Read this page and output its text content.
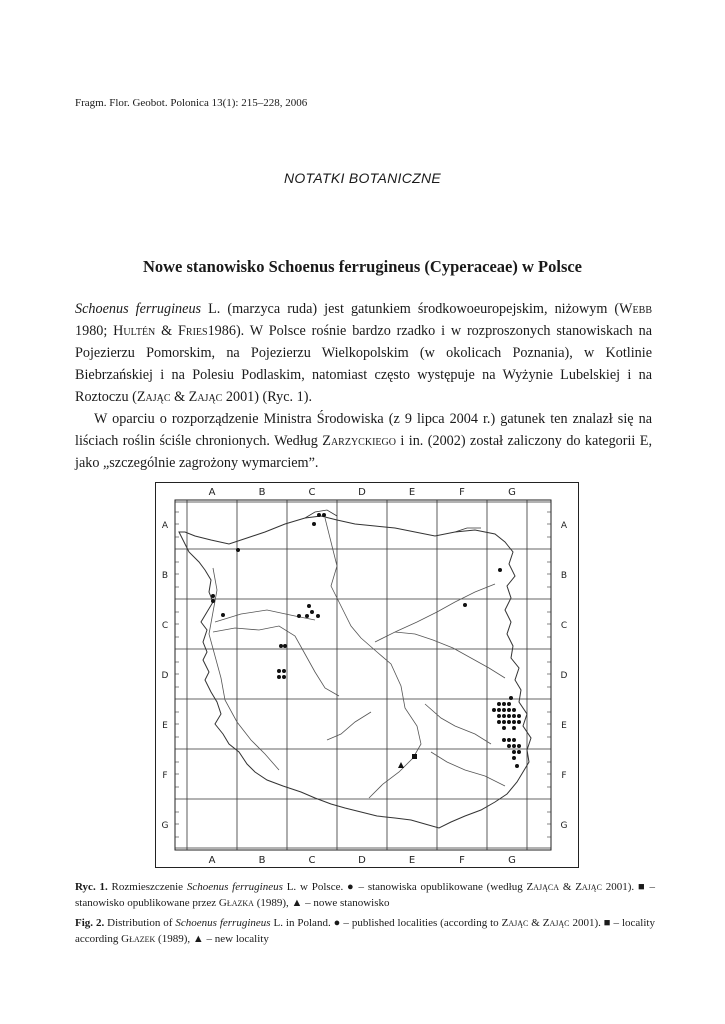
Fragm. Flor. Geobot. Polonica 13(1): 215–228, 2006
NOTATKI BOTANICZNE
Nowe stanowisko Schoenus ferrugineus (Cyperaceae) w Polsce

Schoenus ferrugineus L. (marzyca ruda) jest gatunkiem środkowoeuropejskim, niżowym (Webb 1980; Hultén & Fries1986). W Polsce rośnie bardzo rzadko i w rozproszonych stanowiskach na Pojezierzu Pomorskim, na Pojezierzu Wielkopolskim (w okolicach Poznania), w Kotlinie Biebrzańskiej i na Polesiu Podlaskim, natomiast często występuje na Wyżynie Lubelskiej i na Roztoczu (Zając & Zając 2001) (Ryc. 1).

W oparciu o rozporządzenie Ministra Środowiska (z 9 lipca 2004 r.) gatunek ten znalazł się na liściach roślin ściśle chronionych. Według Zarzyckiego i in. (2002) został zaliczony do kategorii E, jako „szczególnie zagrożony wymarciem”.

A	B	C	D	E	F	G
A	B	C	D	E	F	G
A
B
C
D
E
F
G
A
B
C
D
E
F
G
Ryc. 1. Rozmieszczenie Schoenus ferrugineus L. w Polsce. ● – stanowiska opublikowane (według Zająca & Zając 2001). ■ – stanowisko opublikowane przez Głazka (1989), ▲ – nowe stanowisko
Fig. 2. Distribution of Schoenus ferrugineus L. in Poland. ● – published localities (according to Zając & Zając 2001). ■ – locality according Głazek (1989), ▲ – new locality
